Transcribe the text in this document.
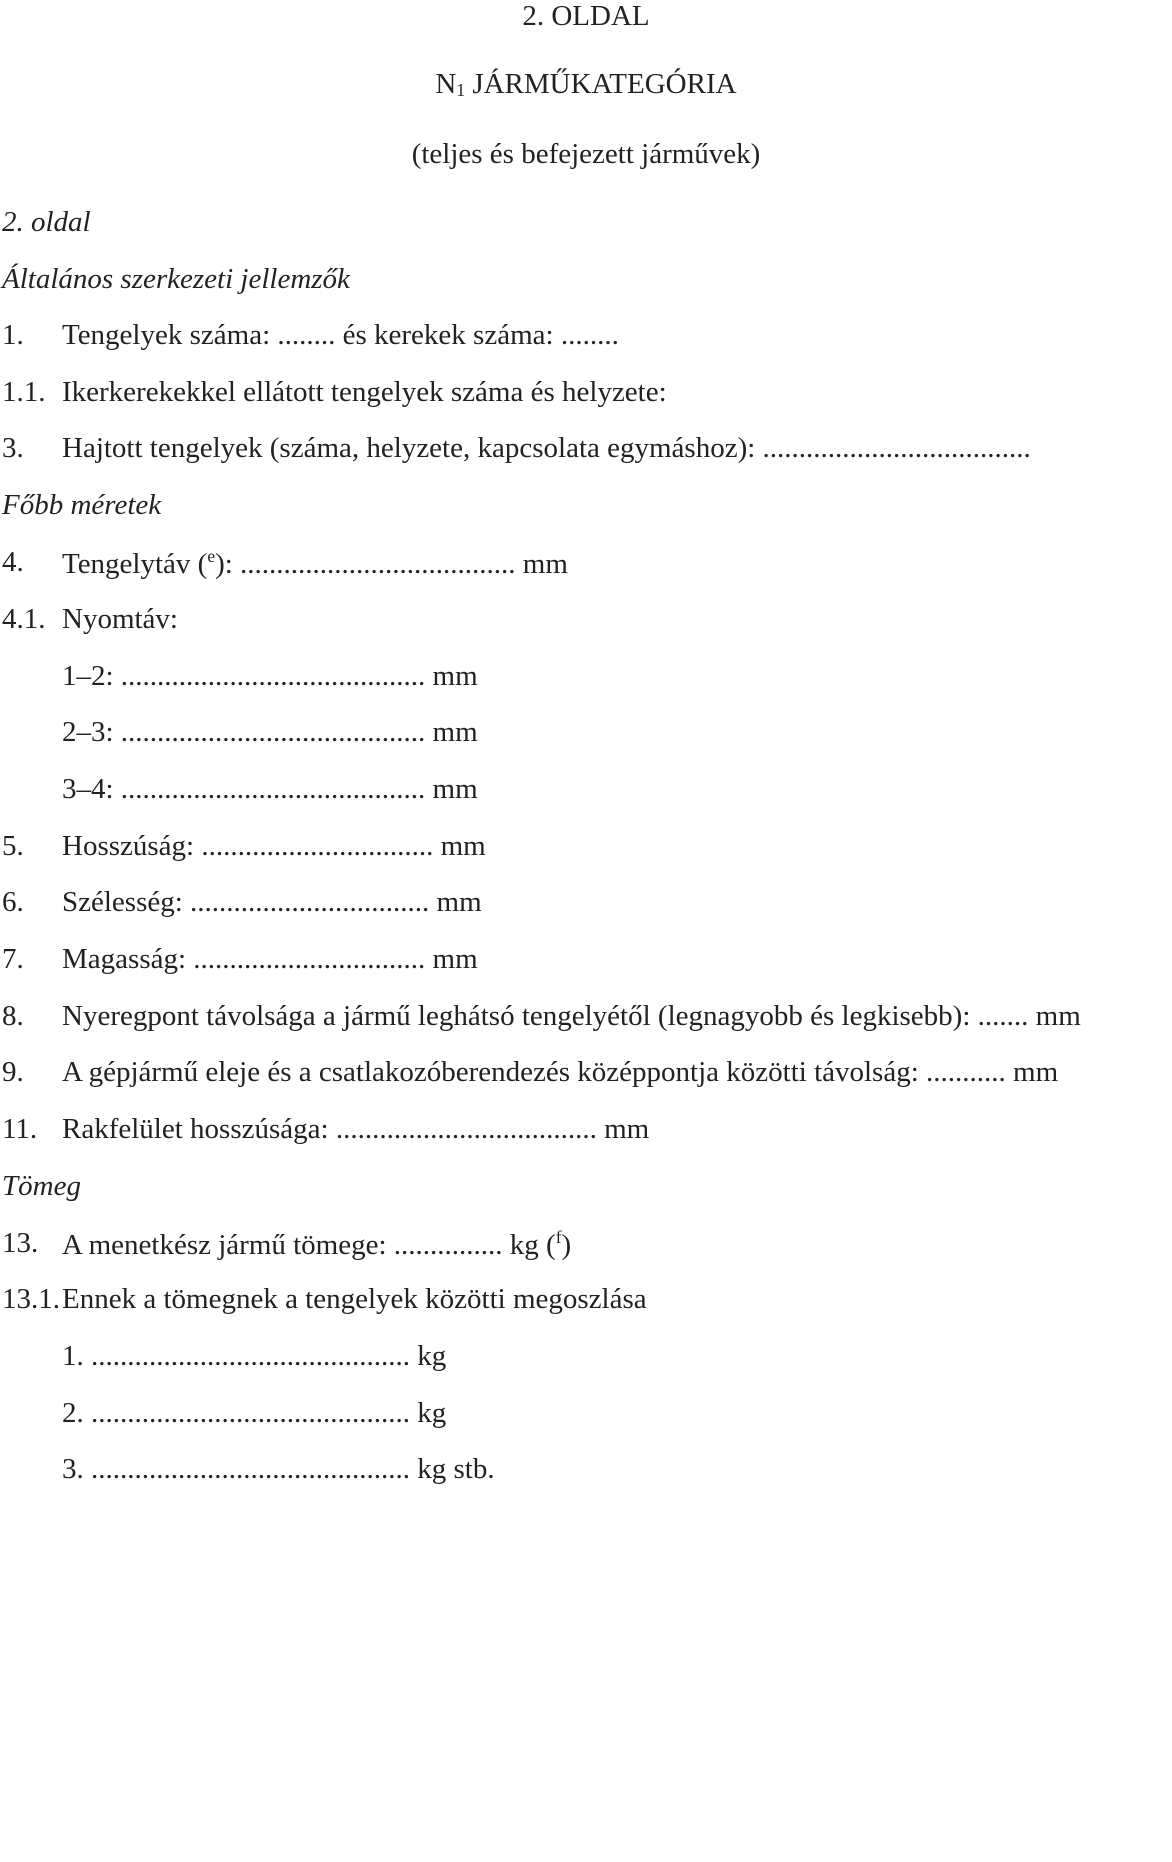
2. OLDAL
$N_1$ JÁRMŰKATEGÓRIA
(teljes és befejezett járművek)
2. oldal
Általános szerkezeti jellemzők
1. Tengelyek száma: ........ és kerekek száma: ........
1.1. Ikerkerekekkel ellátott tengelyek száma és helyzete:
3. Hajtott tengelyek (száma, helyzete, kapcsolata egymáshoz): .....................................
Főbb méretek
4. Tengelytáv ($^e$): ...................................... mm
4.1. Nyomtáv:
1–2: .......................................... mm
2–3: .......................................... mm
3–4: .......................................... mm
5. Hosszúság: ................................ mm
6. Szélesség: ................................. mm
7. Magasság: ................................ mm
8. Nyeregpont távolsága a jármű leghátsó tengelyétől (legnagyobb és legkisebb): ....... mm
9. A gépjármű eleje és a csatlakozóberendezés középpontja közötti távolság: ........... mm
11. Rakfelület hosszúsága: .................................... mm
Tömeg
13. A menetkész jármű tömege: ............... kg ($^f$)
13.1. Ennek a tömegnek a tengelyek közötti megoszlása
1. ............................................ kg
2. ............................................ kg
3. ............................................ kg stb.
